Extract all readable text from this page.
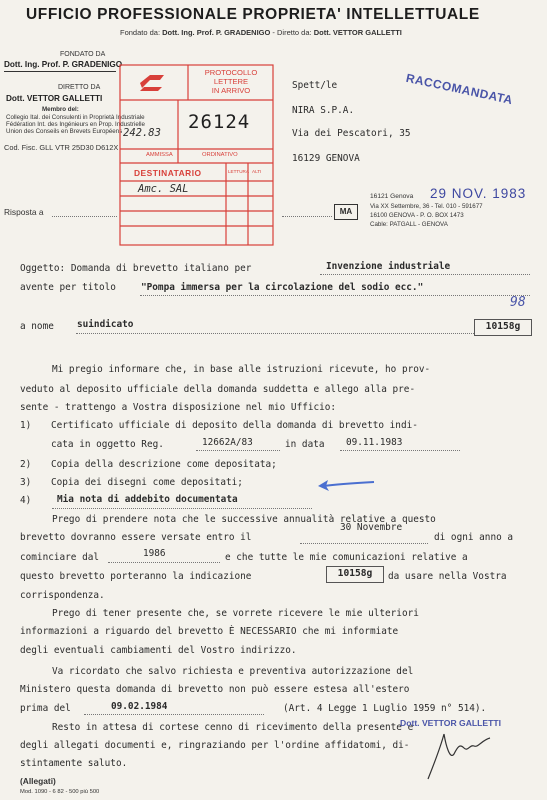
UFFICIO PROFESSIONALE PROPRIETA' INTELLETTUALE
Fondato da: Dott. Ing. Prof. P. GRADENIGO - Diretto da: Dott. VETTOR GALLETTI
FONDATO DA
Dott. Ing. Prof. P. GRADENIGO
DIRETTO DA
Dott. VETTOR GALLETTI
Membro del:
Collegio Ital. dei Consulenti in Proprietà Industriale
Fédération Int. des Ingénieurs en Prop. Industrielle
Union des Conseils en Brevets Européens
Cod. Fisc. GLL VTR 25D30 D612X
PROTOCOLLO
LETTERE
IN ARRIVO
242.83 26124
AMMISSA	ORDINATIVO
DESTINATARIO	LETTURA ALTI
Amc. SAL
Spett/le
NIRA S.P.A.
Via dei Pescatori, 35
16129 GENOVA
RACCOMANDATA
29 NOV. 1983
Risposta a	MA
16121 Genova
Via XX Settembre, 36 - Tel. 010 - 591677
16100 GENOVA - P. O. BOX 1473
Cable: PATGALL - GENOVA
Oggetto: Domanda di brevetto italiano per	Invenzione industriale
avente per titolo	"Pompa immersa per la circolazione del sodio ecc."
98
a nome suindicato	10158g
Mi pregio informare che, in base alle istruzioni ricevute, ho prov-
veduto al deposito ufficiale della domanda suddetta e allego alla pre-
sente - trattengo a Vostra disposizione nel mio Ufficio:
1) Certificato ufficiale di deposito della domanda di brevetto indi-
cata in oggetto Reg.	12662A/83	in data 09.11.1983
2) Copia della descrizione come depositata;
3) Copia dei disegni come depositati;
4)	Mia nota di addebito documentata
Prego di prendere nota che le successive annualità relative a questo
brevetto dovranno essere versate entro il
30 Novembre
di ogni anno a
cominciare dal	1986	e che tutte le mie comunicazioni relative a
questo brevetto porteranno la indicazione	10158g	da usare nella Vostra
corrispondenza.
Prego di tener presente che, se vorrete ricevere le mie ulteriori
informazioni a riguardo del brevetto È NECESSARIO che mi informiate
degli eventuali cambiamenti del Vostro indirizzo.
Va ricordato che salvo richiesta e preventiva autorizzazione del
Ministero questa domanda di brevetto non può essere estesa all'estero
prima del	09.02.1984	(Art. 4 Legge 1 Luglio 1959 n° 514).
Resto in attesa di cortese cenno di ricevimento della presente e
degli allegati documenti e, ringraziando per l'ordine affidatomi, di-
stintamente saluto.
Dott. VETTOR GALLETTI
(Allegati)
Mod. 1090 - 6 82 - 500 più 500
